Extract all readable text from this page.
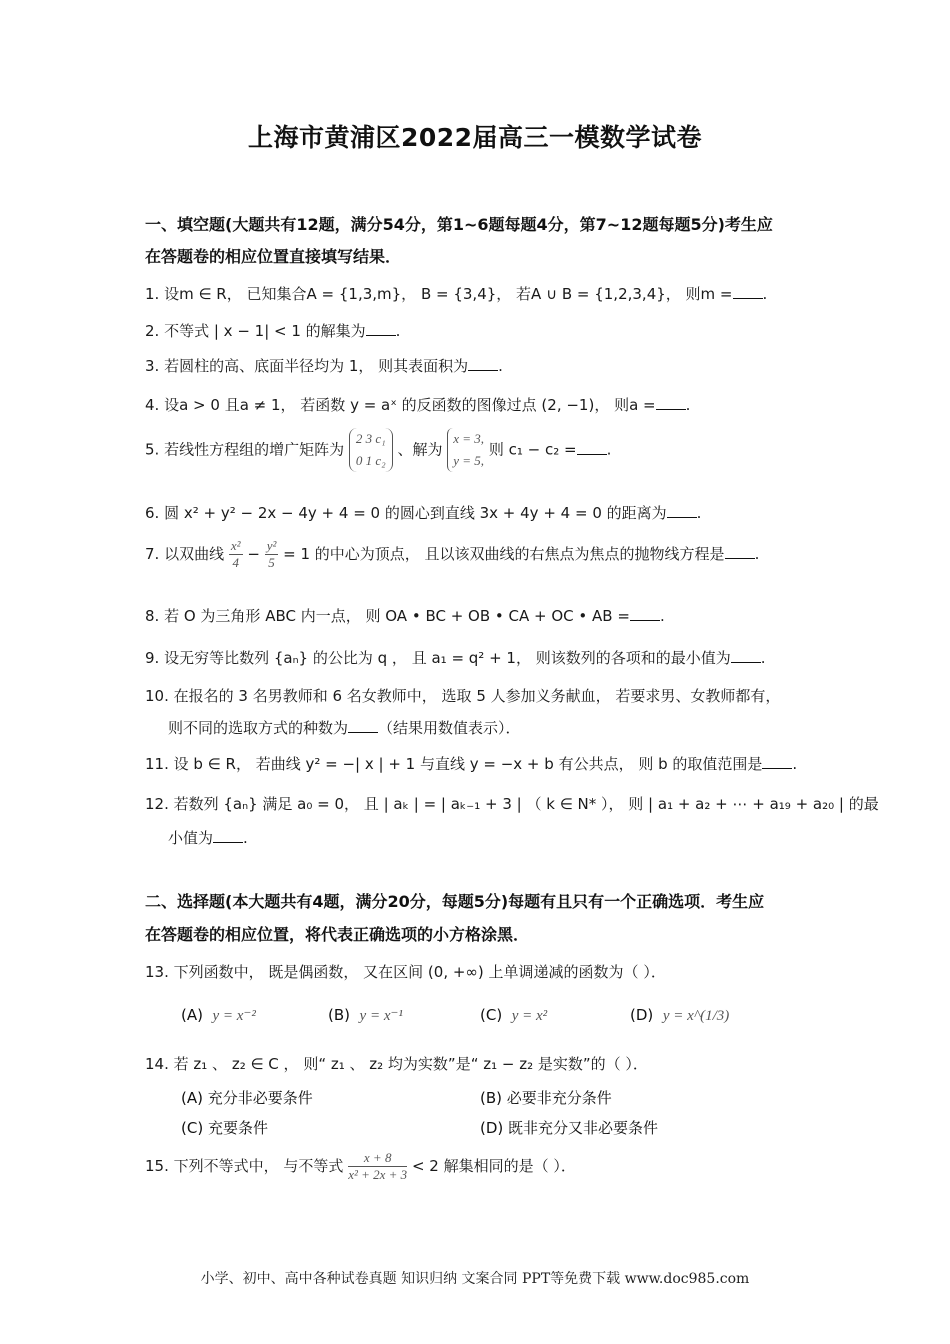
上海市黄浦区2022届高三一模数学试卷
一、填空题(大题共有12题，满分54分，第1~6题每题4分，第7~12题每题5分)考生应
在答题卷的相应位置直接填写结果．
1. 设m ∈ R， 已知集合A = {1,3,m}， B = {3,4}， 若A ∪ B = {1,2,3,4}， 则m = .
2. 不等式 | x − 1| < 1 的解集为 .
3. 若圆柱的高、底面半径均为 1， 则其表面积为 .
4. 设a > 0 且a ≠ 1， 若函数 y = aˣ 的反函数的图像过点 (2, −1)， 则a = .
5. 若线性方程组的增广矩阵为
2 3 c₁
0 1 c₂
、解为
x = 3,
y = 5,
则 c₁ − c₂ = .
6. 圆 x² + y² − 2x − 4y + 4 = 0 的圆心到直线 3x + 4y + 4 = 0 的距离为 .
7. 以双曲线 $\frac{\text{x²}}{4} - \frac{\text{y²}}{5} = 1$ 的中心为顶点， 且以该双曲线的右焦点为焦点的抛物线方程是 .
8. 若 O 为三角形 ABC 内一点， 则 OA • BC + OB • CA + OC • AB = .
9. 设无穷等比数列 {aₙ} 的公比为 q ， 且 a₁ = q² + 1， 则该数列的各项和的最小值为 .
10. 在报名的 3 名男教师和 6 名女教师中， 选取 5 人参加义务献血， 若要求男、女教师都有，
则不同的选取方式的种数为 （结果用数值表示）．
11. 设 b ∈ R， 若曲线 y² = −| x | + 1 与直线 y = −x + b 有公共点， 则 b 的取值范围是 .
12. 若数列 {aₙ} 满足 a₀ = 0， 且 | aₖ | = | aₖ₋₁ + 3 | （ k ∈ N* ）， 则 | a₁ + a₂ + ⋯ + a₁₉ + a₂₀ | 的最
小值为 .
二、选择题(本大题共有4题，满分20分，每题5分)每题有且只有一个正确选项．考生应
在答题卷的相应位置，将代表正确选项的小方格涂黑．
13. 下列函数中， 既是偶函数， 又在区间 (0, +∞) 上单调递减的函数为（ ）．
(A) y = x⁻²	(B) y = x⁻¹	(C) y = x²	(D) y = x^(1/3)
14. 若 z₁ 、 z₂ ∈ C ， 则“ z₁ 、 z₂ 均为实数”是“ z₁ − z₂ 是实数”的（ ）．
(A) 充分非必要条件	(B) 必要非充分条件
(C) 充要条件	(D) 既非充分又非必要条件
15. 下列不等式中， 与不等式 $\frac{x + 8}{\text{x² + 2x + 3}} < 2$ 解集相同的是（ ）．
小学、初中、高中各种试卷真题 知识归纳 文案合同 PPT等免费下载 www.doc985.com
